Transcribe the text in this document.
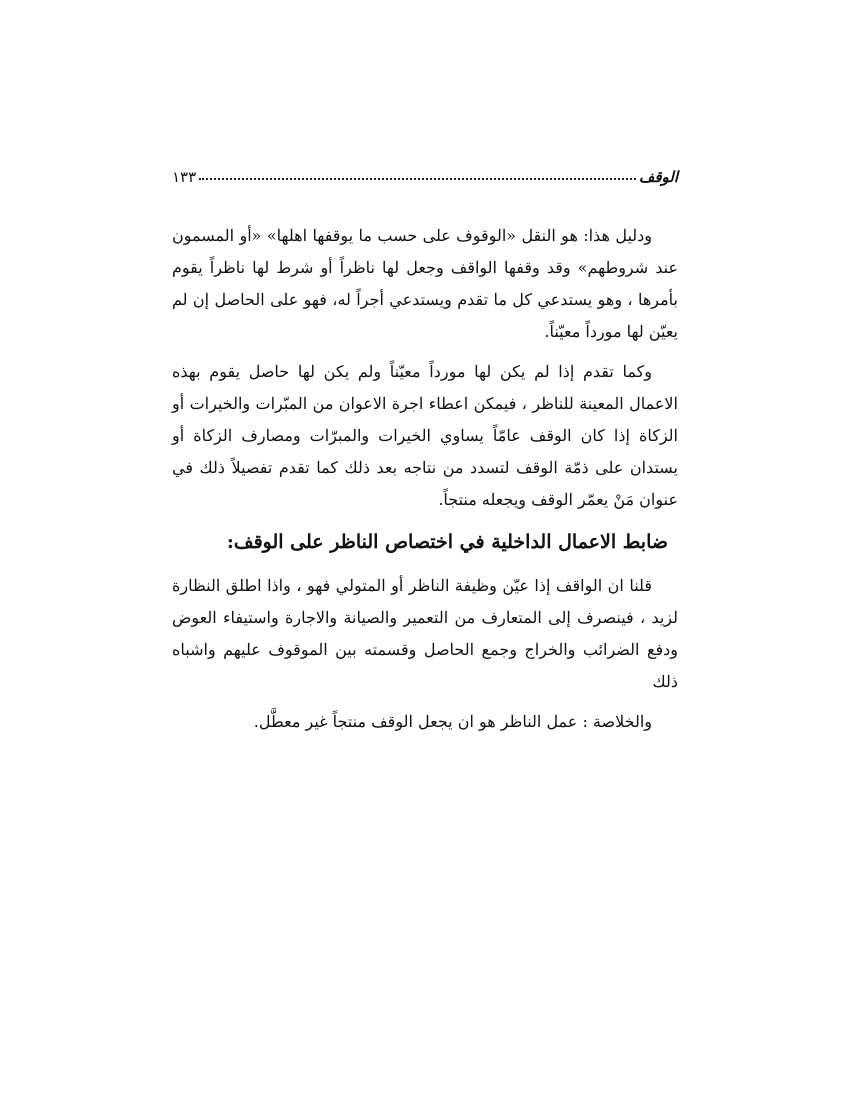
الوقف
١٣٣

ودليل هذا: هو النقل «الوقوف على حسب ما يوقفها اهلها» «أو المسمون عند شروطهم» وقد وقفها الواقف وجعل لها ناظراً أو شرط لها ناظراً يقوم بأمرها ، وهو يستدعي كل ما تقدم ويستدعي أجراً له، فهو على الحاصل إن لم يعيّن لها مورداً معيّناً.

وكما تقدم إذا لم يكن لها مورداً معيّناً ولم يكن لها حاصل يقوم بهذه الاعمال المعينة للناظر ، فيمكن اعطاء اجرة الاعوان من المبّرات والخيرات أو الزكاة إذا كان الوقف عامّاً يساوي الخيرات والمبرّات ومصارف الزكاة أو يستدان على ذمّة الوقف لتسدد من نتاجه بعد ذلك كما تقدم تفصيلاً ذلك في عنوان مَنْ يعمّر الوقف ويجعله منتجاً.

ضابط الاعمال الداخلية في اختصاص الناظر على الوقف:

قلنا ان الواقف إذا عيّن وظيفة الناظر أو المتولي فهو ، واذا اطلق النظارة لزيد ، فينصرف إلى المتعارف من التعمير والصيانة والاجارة واستيفاء العوض ودفع الضرائب والخراج وجمع الحاصل وقسمته بين الموقوف عليهم واشباه ذلك

والخلاصة : عمل الناظر هو ان يجعل الوقف منتجاً غير معطَّل.
